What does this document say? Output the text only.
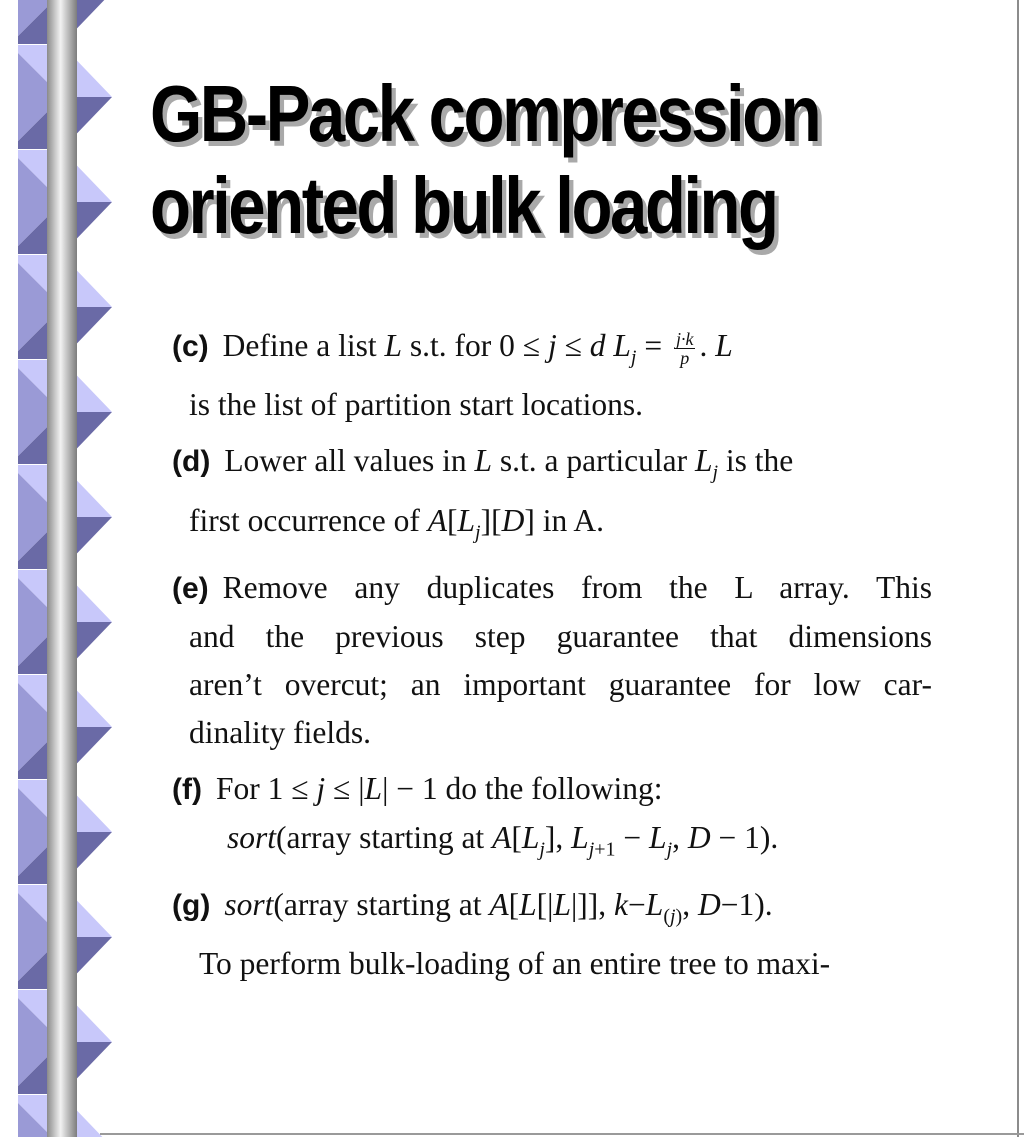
GB-Pack compression
oriented bulk loading
(c) Define a list L s.t. for 0 ≤ j ≤ d $L_j = \frac{j\cdot k}{p}$ . L
is the list of partition start locations.
(d) Lower all values in L s.t. a particular $L_j$ is the
first occurrence of $A[L_j][D]$ in A.
(e) Remove any duplicates from the L array. This
and the previous step guarantee that dimensions
aren’t overcut; an important guarantee for low car-
dinality fields.
(f) For 1 ≤ j ≤ |L| − 1 do the following:
sort(array starting at $A[L_j]$, $L_{j+1} - L_j$, D − 1).
(g) sort(array starting at A[L[|L|]], $k-L_{(j)}$, D−1).
To perform bulk-loading of an entire tree to maxi-
